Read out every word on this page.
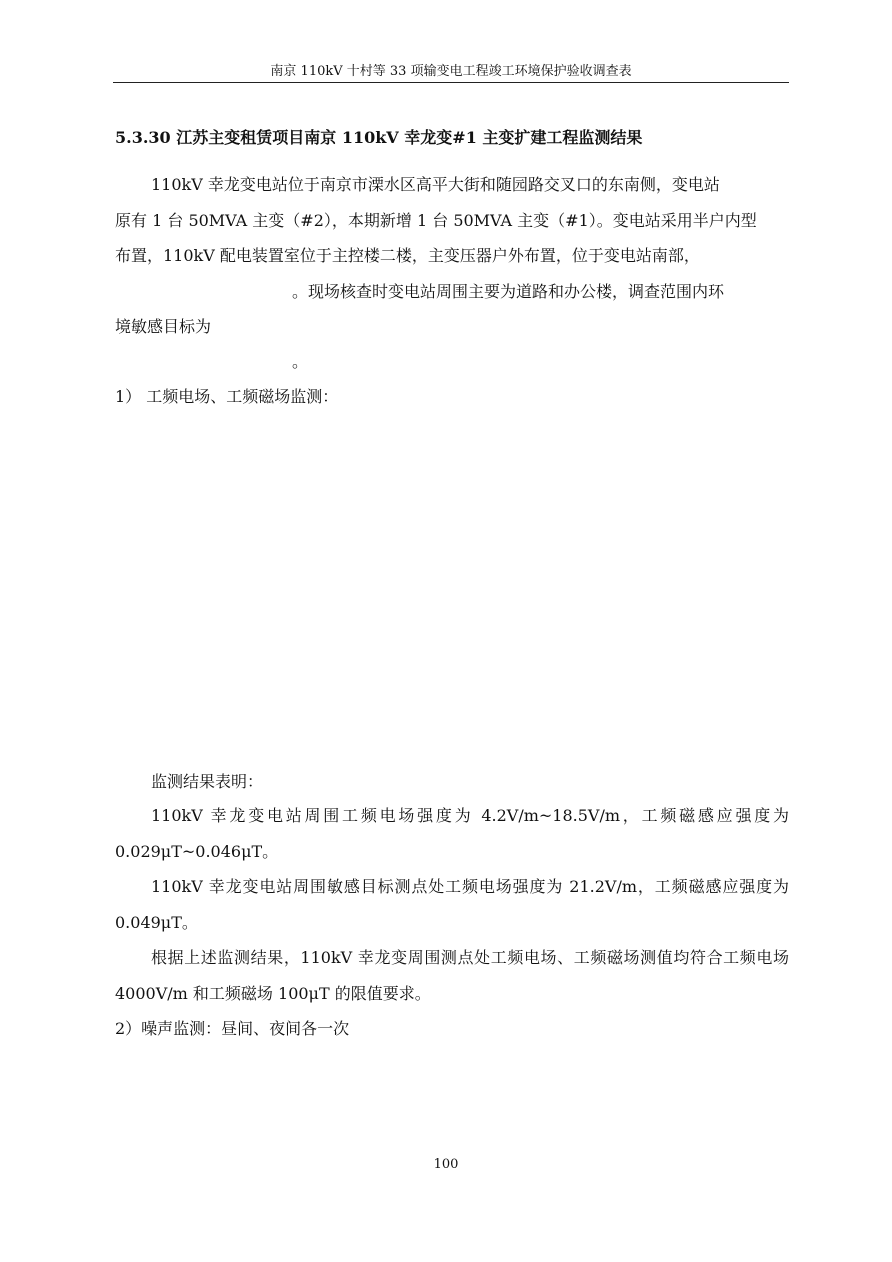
南京 110kV 十村等 33 项输变电工程竣工环境保护验收调查表
5.3.30 江苏主变租赁项目南京 110kV 幸龙变#1 主变扩建工程监测结果
110kV 幸龙变电站位于南京市溧水区高平大街和随园路交叉口的东南侧，变电站
原有 1 台 50MVA 主变（#2），本期新增 1 台 50MVA 主变（#1）。变电站采用半户内型
布置，110kV 配电装置室位于主控楼二楼，主变压器户外布置，位于变电站南部，
。现场核查时变电站周围主要为道路和办公楼，调查范围内环
境敏感目标为
。
1） 工频电场、工频磁场监测：
监测结果表明：
110kV 幸龙变电站周围工频电场强度为 4.2V/m~18.5V/m，工频磁感应强度为 0.029μT~0.046μT。
110kV 幸龙变电站周围敏感目标测点处工频电场强度为 21.2V/m，工频磁感应强度为 0.049μT。
根据上述监测结果，110kV 幸龙变周围测点处工频电场、工频磁场测值均符合工频电场 4000V/m 和工频磁场 100μT 的限值要求。
2）噪声监测：昼间、夜间各一次
100
